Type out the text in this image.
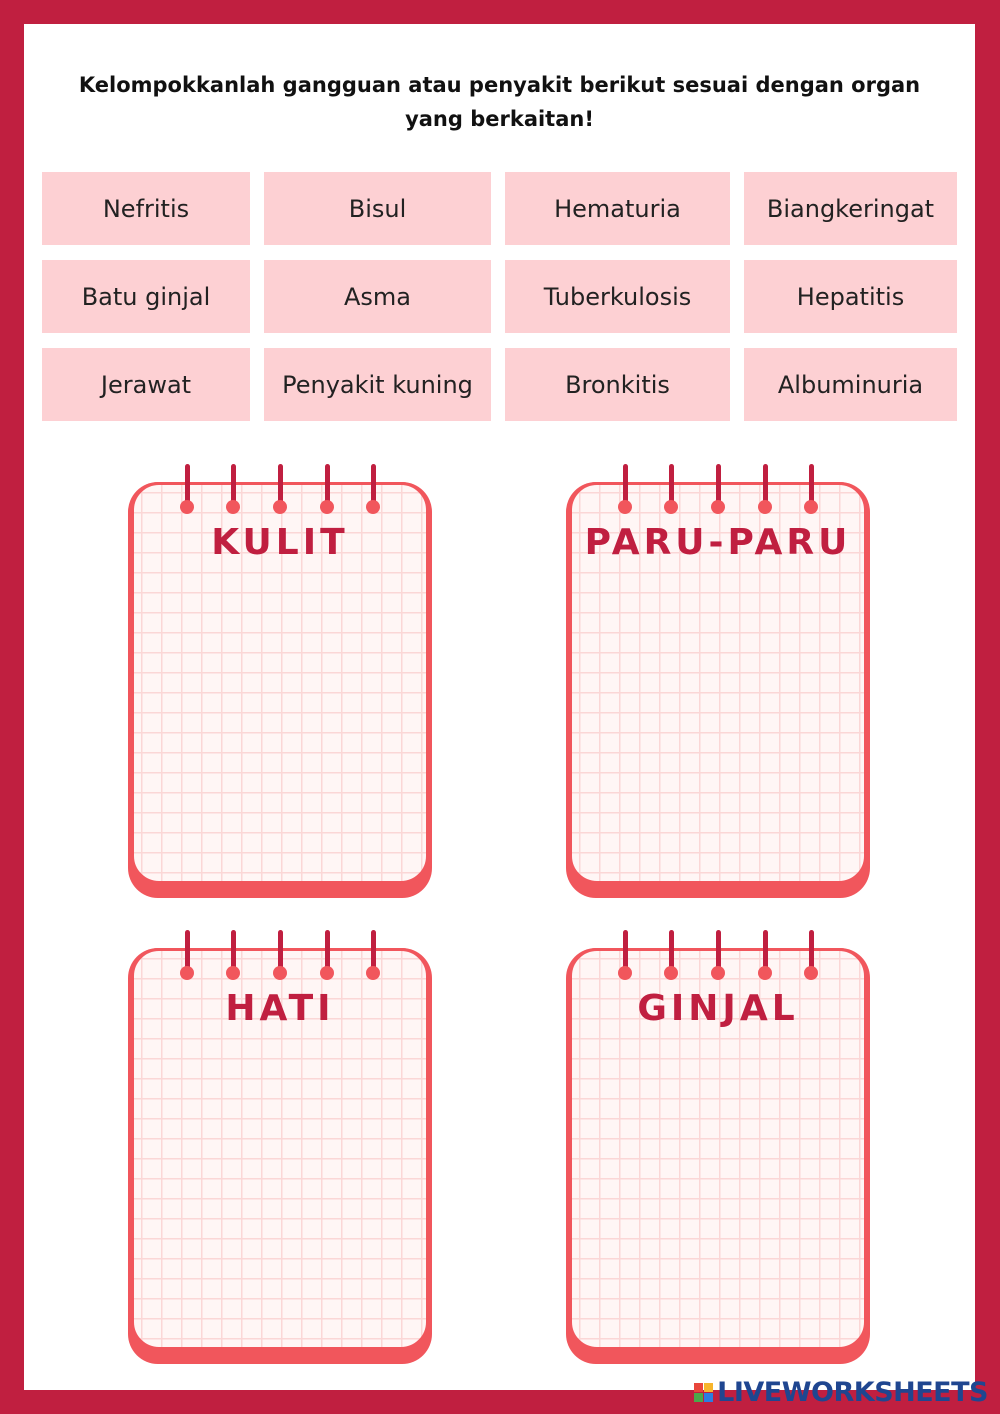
Kelompokkanlah gangguan atau penyakit berikut sesuai dengan organ
yang berkaitan!
Nefritis	Bisul	Hematuria	Biangkeringat
Batu ginjal	Asma	Tuberkulosis	Hepatitis
Jerawat	Penyakit kuning	Bronkitis	Albuminuria
KULIT	PARU-PARU
HATI	GINJAL
LIVEWORKSHEETS
